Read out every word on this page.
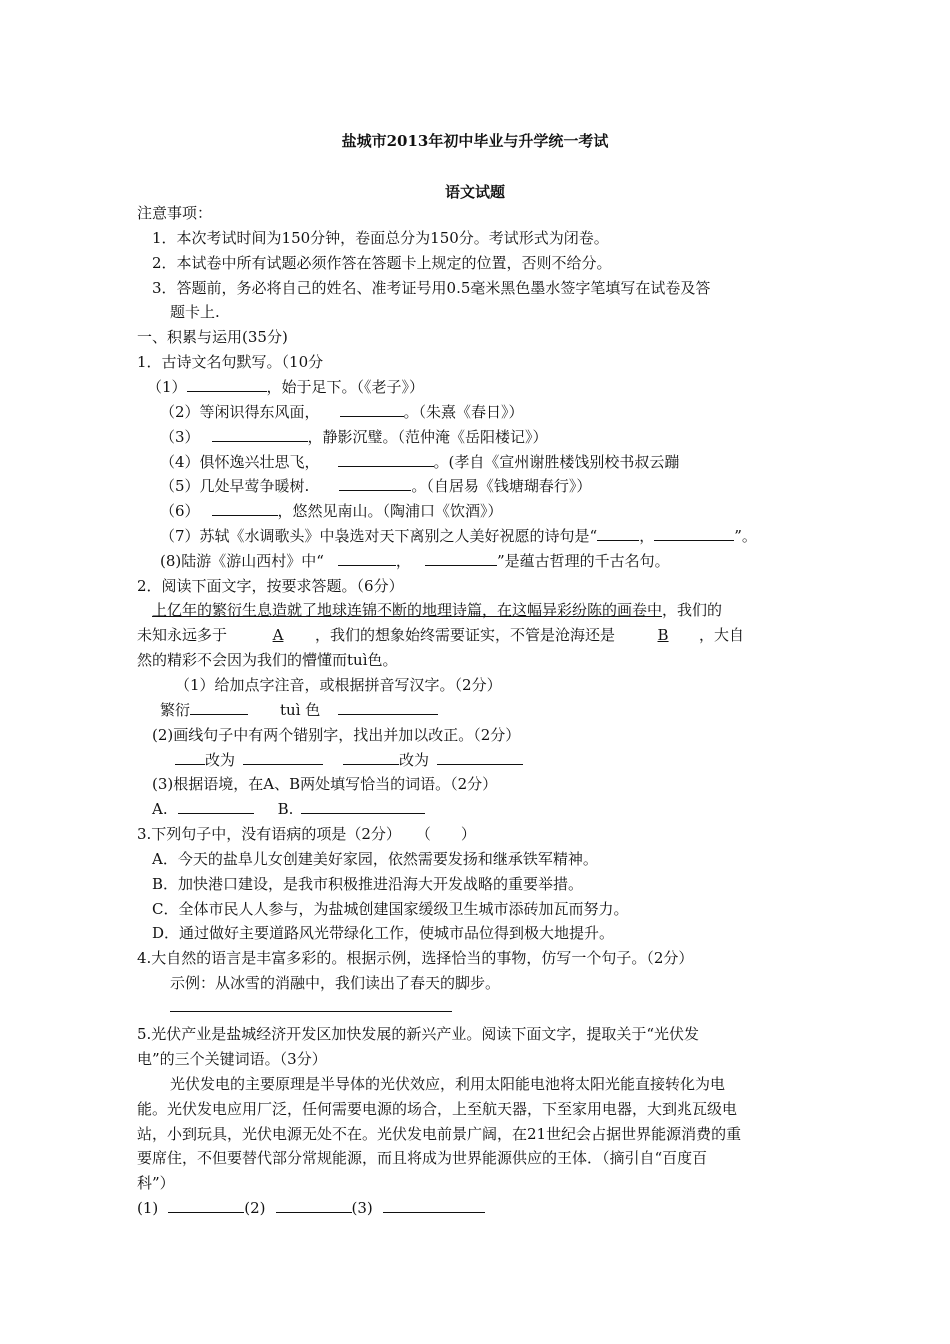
盐城市2013年初中毕业与升学统一考试
语文试题
注意事项：
1．本次考试时间为150分钟，卷面总分为150分。考试形式为闭卷。
2．本试卷中所有试题必须作答在答题卡上规定的位置，否则不给分。
3．答题前，务必将自己的姓名、准考证号用0.5毫米黑色墨水签字笔填写在试卷及答
题卡上.
一、积累与运用(35分)
1．古诗文名句默写。（10分
（1）	，始于足下。（《老子》）
（2）等闲识得东风面，	。（朱熹《春日》）
（3）	，静影沉璧。（范仲淹《岳阳楼记》）
（4）俱怀逸兴壮思飞，	。(孝自《宣州谢胜楼饯别校书叔云蹦
（5）几处早莺争暖树.	。（自居易《钱塘瑚春行》）
（6）	，悠然见南山。（陶浦口《饮酒》）
（7）苏轼《水调歌头》中袅选对天下离别之人美好祝愿的诗句是“	，	”。
(8)陆游《游山西村》中“	，	”是蕴古哲理的千古名句。
2．阅读下面文字，按要求答题。（6分）
上亿年的繁衍生息造就了地球连锦不断的地理诗篇，在这幅异彩纷陈的画卷中，我们的
未知永远多于	A ，我们的想象始终需要证实，不管是沧海还是	B ，大自
然的精彩不会因为我们的懵懂而tuì色。
（1）给加点字注音，或根据拼音写汉字。（2分）
繁衍	tuì 色
(2)画线句子中有两个错别字，找出并加以改正。（2分）
改为	改为
(3)根据语境，在A、B两处填写恰当的词语。（2分）
A.	B.
3.下列句子中，没有语病的项是（2分）　　（　　）
A．今天的盐阜儿女创建美好家园，依然需要发扬和继承铁军精神。
B．加快港口建设，是我市积极推进沿海大开发战略的重要举措。
C．全体市民人人参与，为盐城创建国家缓级卫生城市添砖加瓦而努力。
D．通过做好主要道路风光带绿化工作，使城市品位得到极大地提升。
4.大自然的语言是丰富多彩的。根据示例，选择恰当的事物，仿写一个句子。（2分）
示例：从冰雪的消融中，我们读出了春天的脚步。
5.光伏产业是盐城经济开发区加快发展的新兴产业。阅读下面文字，提取关于“光伏发
电”的三个关键词语。（3分）
光伏发电的主要原理是半导体的光伏效应，利用太阳能电池将太阳光能直接转化为电
能。光伏发电应用厂泛，任何需要电源的场合，上至航天器，下至家用电器，大到兆瓦级电
站，小到玩具，光伏电源无处不在。光伏发电前景广阔，在21世纪会占据世界能源消费的重
要席住，不但要替代部分常规能源，而且将成为世界能源供应的王体．（摘引自“百度百
科”）
(1)	(2)	(3)
